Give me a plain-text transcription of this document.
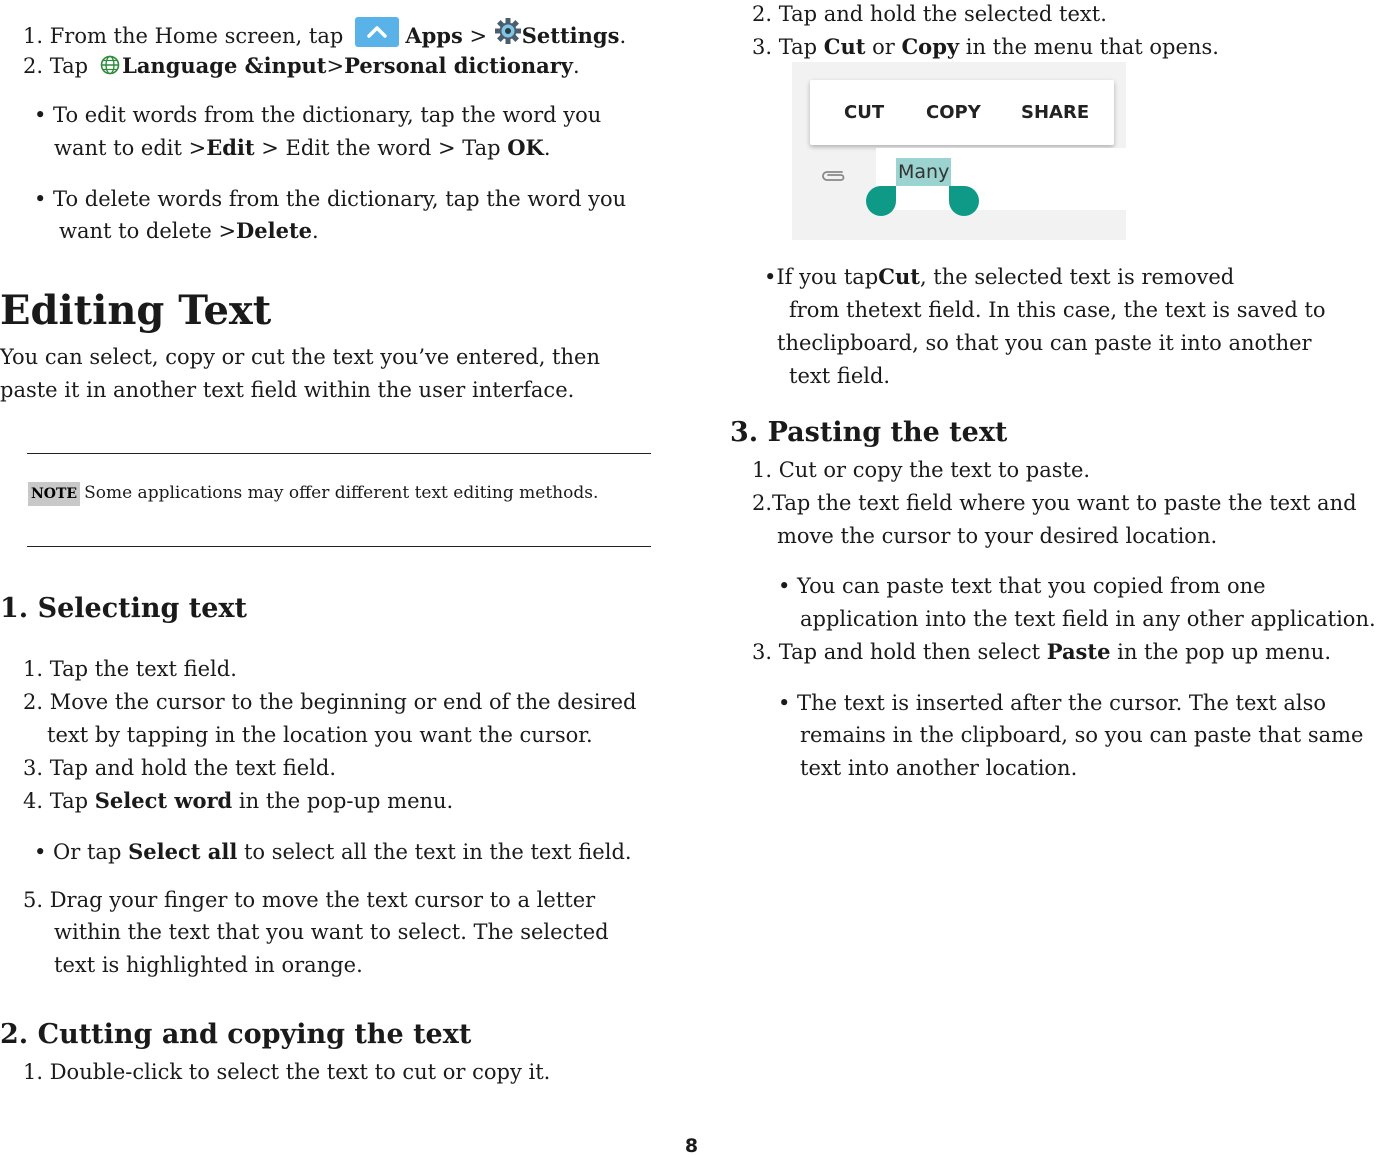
1. From the Home screen, tap	Apps > Settings.
2. Tap Language &input>Personal dictionary.
• To edit words from the dictionary, tap the word you
want to edit >Edit > Edit the word > Tap OK.
• To delete words from the dictionary, tap the word you
want to delete >Delete.
Editing Text
You can select, copy or cut the text you’ve entered, then
paste it in another text field within the user interface.
NOTE Some applications may offer different text editing methods.
1. Selecting text
1. Tap the text field.
2. Move the cursor to the beginning or end of the desired
text by tapping in the location you want the cursor.
3. Tap and hold the text field.
4. Tap Select word in the pop-up menu.
• Or tap Select all to select all the text in the text field.
5. Drag your finger to move the text cursor to a letter
within the text that you want to select. The selected
text is highlighted in orange.
2. Cutting and copying the text
1. Double-click to select the text to cut or copy it.
2. Tap and hold the selected text.
3. Tap Cut or Copy in the menu that opens.
CUT COPY SHARE
Many
•If you tapCut, the selected text is removed
from thetext field. In this case, the text is saved to
theclipboard, so that you can paste it into another
text field.
3. Pasting the text
1. Cut or copy the text to paste.
2.Tap the text field where you want to paste the text and
move the cursor to your desired location.
• You can paste text that you copied from one
application into the text field in any other application.
3. Tap and hold then select Paste in the pop up menu.
• The text is inserted after the cursor. The text also
remains in the clipboard, so you can paste that same
text into another location.
8
